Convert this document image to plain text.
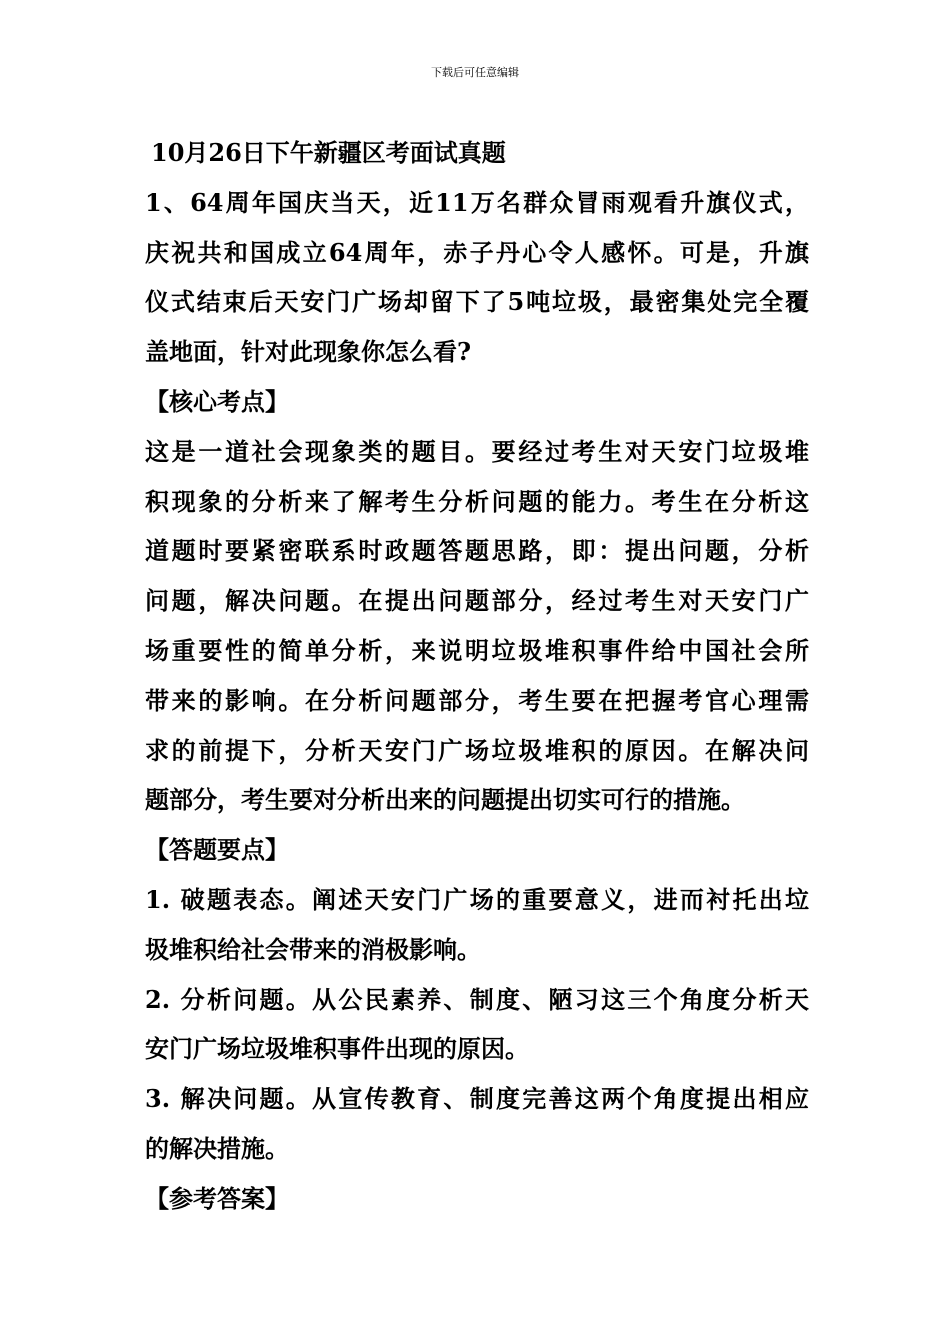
下载后可任意编辑
10月26日下午新疆区考面试真题
1、64周年国庆当天，近11万名群众冒雨观看升旗仪式，
庆祝共和国成立64周年，赤子丹心令人感怀。可是，升旗
仪式结束后天安门广场却留下了5吨垃圾，最密集处完全覆
盖地面，针对此现象你怎么看?
【核心考点】
这是一道社会现象类的题目。要经过考生对天安门垃圾堆
积现象的分析来了解考生分析问题的能力。考生在分析这
道题时要紧密联系时政题答题思路，即：提出问题，分析
问题，解决问题。在提出问题部分，经过考生对天安门广
场重要性的简单分析，来说明垃圾堆积事件给中国社会所
带来的影响。在分析问题部分，考生要在把握考官心理需
求的前提下，分析天安门广场垃圾堆积的原因。在解决问
题部分，考生要对分析出来的问题提出切实可行的措施。
【答题要点】
1. 破题表态。阐述天安门广场的重要意义，进而衬托出垃
圾堆积给社会带来的消极影响。
2. 分析问题。从公民素养、制度、陋习这三个角度分析天
安门广场垃圾堆积事件出现的原因。
3. 解决问题。从宣传教育、制度完善这两个角度提出相应
的解决措施。
【参考答案】
